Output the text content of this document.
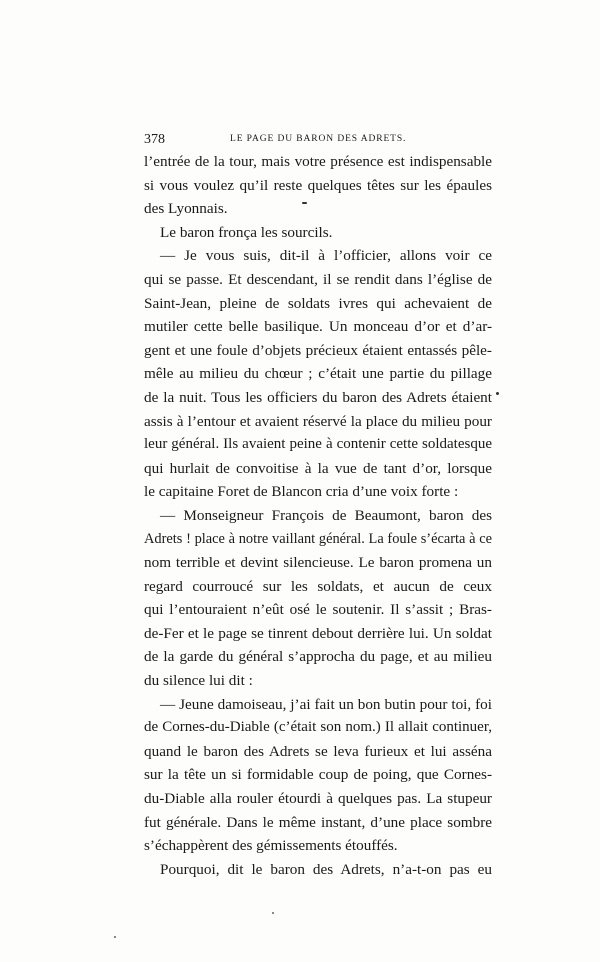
378	LE PAGE DU BARON DES ADRETS.
l’entrée de la tour, mais votre présence est indispensable
si vous voulez qu’il reste quelques têtes sur les épaules
des Lyonnais.
Le baron fronça les sourcils.
— Je vous suis, dit-il à l’officier, allons voir ce
qui se passe. Et descendant, il se rendit dans l’église de
Saint-Jean, pleine de soldats ivres qui achevaient de
mutiler cette belle basilique. Un monceau d’or et d’ar-
gent et une foule d’objets précieux étaient entassés pêle-
mêle au milieu du chœur ; c’était une partie du pillage
de la nuit. Tous les officiers du baron des Adrets étaient
assis à l’entour et avaient réservé la place du milieu pour
leur général. Ils avaient peine à contenir cette soldatesque
qui hurlait de convoitise à la vue de tant d’or, lorsque
le capitaine Foret de Blancon cria d’une voix forte :
— Monseigneur François de Beaumont, baron des
Adrets ! place à notre vaillant général. La foule s’écarta à ce
nom terrible et devint silencieuse. Le baron promena un
regard courroucé sur les soldats, et aucun de ceux
qui l’entouraient n’eût osé le soutenir. Il s’assit ; Bras-
de-Fer et le page se tinrent debout derrière lui. Un soldat
de la garde du général s’approcha du page, et au milieu
du silence lui dit :
— Jeune damoiseau, j’ai fait un bon butin pour toi, foi
de Cornes-du-Diable (c’était son nom.) Il allait continuer,
quand le baron des Adrets se leva furieux et lui asséna
sur la tête un si formidable coup de poing, que Cornes-
du-Diable alla rouler étourdi à quelques pas. La stupeur
fut générale. Dans le même instant, d’une place sombre
s’échappèrent des gémissements étouffés.
Pourquoi, dit le baron des Adrets, n’a-t-on pas eu
